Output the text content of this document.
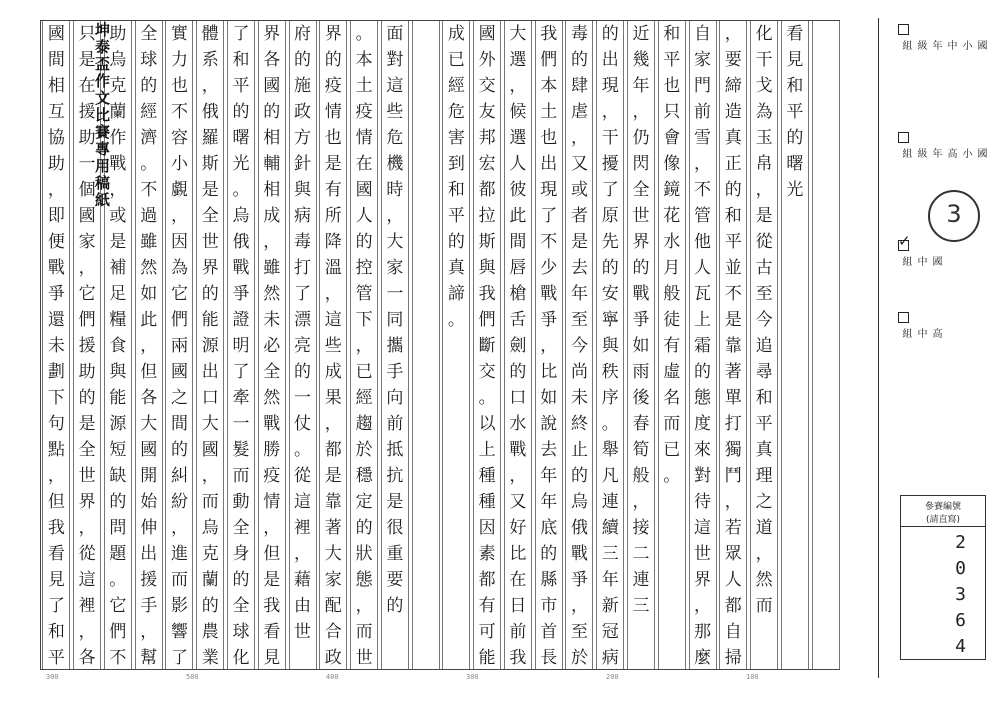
看
見
和
平
的
曙
光
化
干
戈
為
玉
帛
，
是
從
古
至
今
追
尋
和
平
真
理
之
道
，
然
而
，
要
締
造
真
正
的
和
平
並
不
是
靠
著
單
打
獨
鬥
，
若
眾
人
都
自
掃
自
家
門
前
雪
，
不
管
他
人
瓦
上
霜
的
態
度
來
對
待
這
世
界
，
那
麼
和
平
也
只
會
像
鏡
花
水
月
般
徒
有
虛
名
而
已
。
近
幾
年
，
仍
閃
全
世
界
的
戰
爭
如
雨
後
春
筍
般
，
接
二
連
三
的
出
現
，
干
擾
了
原
先
的
安
寧
與
秩
序
。
舉
凡
連
續
三
年
新
冠
病
毒
的
肆
虐
，
又
或
者
是
去
年
至
今
尚
未
終
止
的
烏
俄
戰
爭
，
至
於
我
們
本
土
也
出
現
了
不
少
戰
爭
，
比
如
說
去
年
年
底
的
縣
市
首
長
大
選
，
候
選
人
彼
此
間
唇
槍
舌
劍
的
口
水
戰
，
又
好
比
在
日
前
我
國
外
交
友
邦
宏
都
拉
斯
與
我
們
斷
交
。
以
上
種
種
因
素
都
有
可
能
成
已
經
危
害
到
和
平
的
真
諦
。
面
對
這
些
危
機
時
，
大
家
一
同
攜
手
向
前
抵
抗
是
很
重
要
的
。
本
土
疫
情
在
國
人
的
控
管
下
，
已
經
趨
於
穩
定
的
狀
態
，
而
世
界
的
疫
情
也
是
有
所
降
溫
，
這
些
成
果
，
都
是
靠
著
大
家
配
合
政
府
的
施
政
方
針
與
病
毒
打
了
漂
亮
的
一
仗
。
從
這
裡
，
藉
由
世
界
各
國
的
相
輔
相
成
，
雖
然
未
必
全
然
戰
勝
疫
情
，
但
是
我
看
見
了
和
平
的
曙
光
。
烏
俄
戰
爭
證
明
了
牽
一
髮
而
動
全
身
的
全
球
化
體
系
，
俄
羅
斯
是
全
世
界
的
能
源
出
口
大
國
，
而
烏
克
蘭
的
農
業
實
力
也
不
容
小
覷
，
因
為
它
們
兩
國
之
間
的
糾
紛
，
進
而
影
響
了
全
球
的
經
濟
。
不
過
雖
然
如
此
，
但
各
大
國
開
始
伸
出
援
手
，
幫
助
烏
克
蘭
作
戰
，
或
是
補
足
糧
食
與
能
源
短
缺
的
問
題
。
它
們
不
只
是
在
援
助
一
個
國
家
，
它
們
援
助
的
是
全
世
界
，
從
這
裡
，
各
國
間
相
互
協
助
，
即
便
戰
爭
還
未
劃
下
句
點
，
但
我
看
見
了
和
平
300	500	400	300	200	100
坤泰盃作文比賽專用稿紙	國小中年級組
國小高年級組
✓
國中組
高中組
3
參賽編號
(請直寫)
20364
